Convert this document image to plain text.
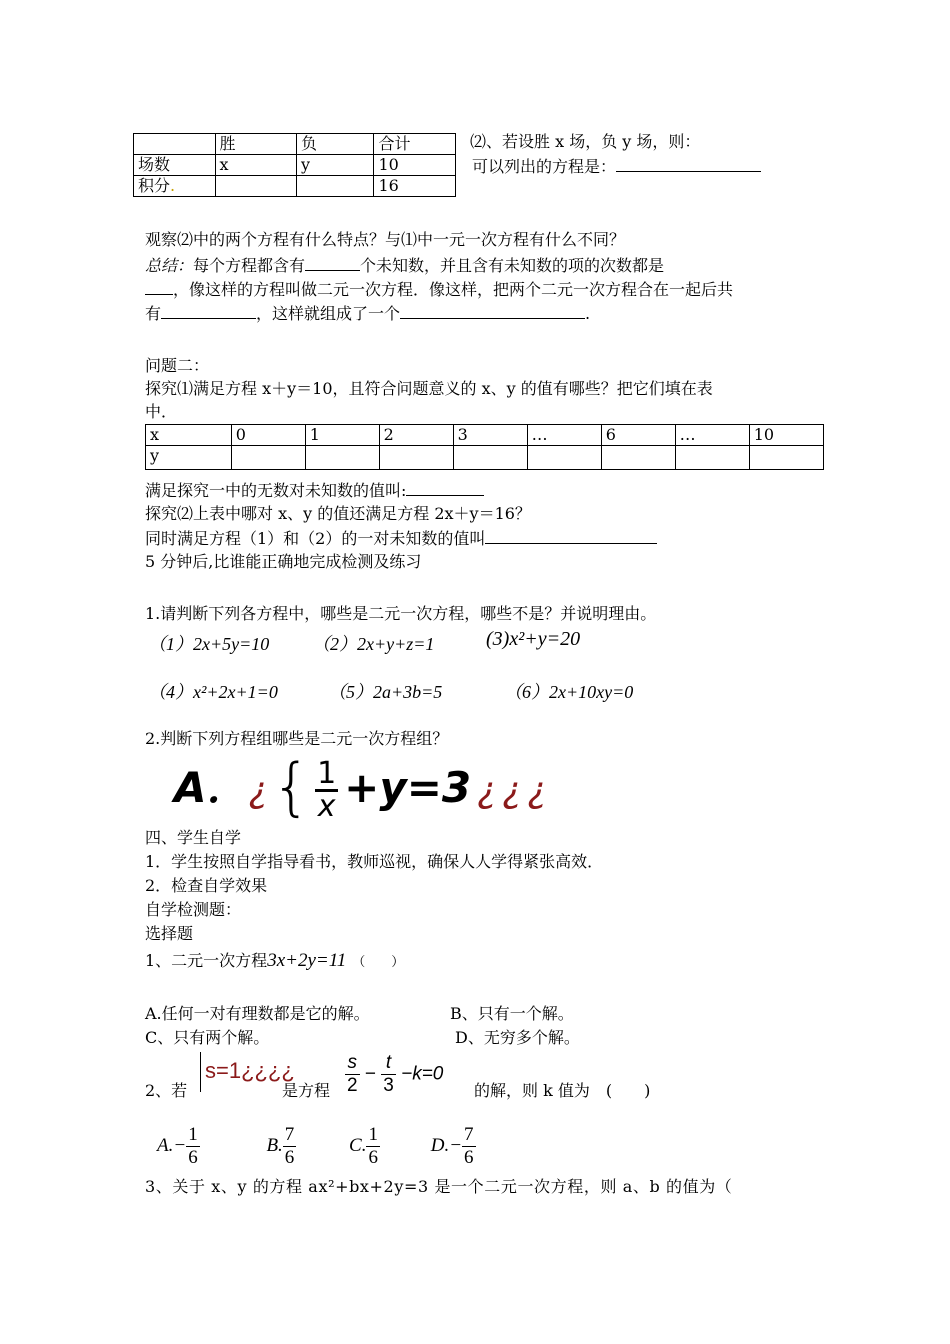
	胜	负	合计
场数	x	y	10
积分.			16
⑵、若设胜 x 场，负 y 场，则：
可以列出的方程是：
观察⑵中的两个方程有什么特点？与⑴中一元一次方程有什么不同？
总结：每个方程都含有	个未知数，并且含有未知数的项的次数都是
，像这样的方程叫做二元一次方程．像这样，把两个二元一次方程合在一起后共
有	，这样就组成了一个	.
问题二：
探究⑴满足方程 x＋y＝10，且符合问题意义的 x、y 的值有哪些？把它们填在表
中．
x	0	1	2	3	…	6	…	10
y								
满足探究一中的无数对未知数的值叫:
探究⑵上表中哪对 x、y 的值还满足方程 2x＋y＝16？
同时满足方程（1）和（2）的一对未知数的值叫
5 分钟后,比谁能正确地完成检测及练习
1.请判断下列各方程中，哪些是二元一次方程，哪些不是？并说明理由。
（1）2x+5y=10 （2）2x+y+z=1	(3)x²+y=20
（4）x²+2x+1=0	（5）2a+3b=5	（6）2x+10xy=0
2.判断下列方程组哪些是二元一次方程组？
A．¿{ $\frac{1}{x} +y=3$ ¿¿¿
四、学生自学
1．学生按照自学指导看书，教师巡视，确保人人学得紧张高效．
2．检查自学效果
自学检测题：
选择题
1、二元一次方程3x+2y=11 （　　）
A.任何一对有理数都是它的解。	B、只有一个解。
C、只有两个解。	D、无穷多个解。
2、若
s=1¿¿¿¿
是方程 $\frac{s}{2} - \frac{t}{3} -k=0$
的解，则 k 值为　(　　)
$A.- \frac{1}{6}$	B. $\frac{7}{6}$	C. $\frac{1}{6}$	$D.- \frac{7}{6}$
3、关于 x、y 的方程 ax²+bx+2y=3 是一个二元一次方程，则 a、b 的值为（
